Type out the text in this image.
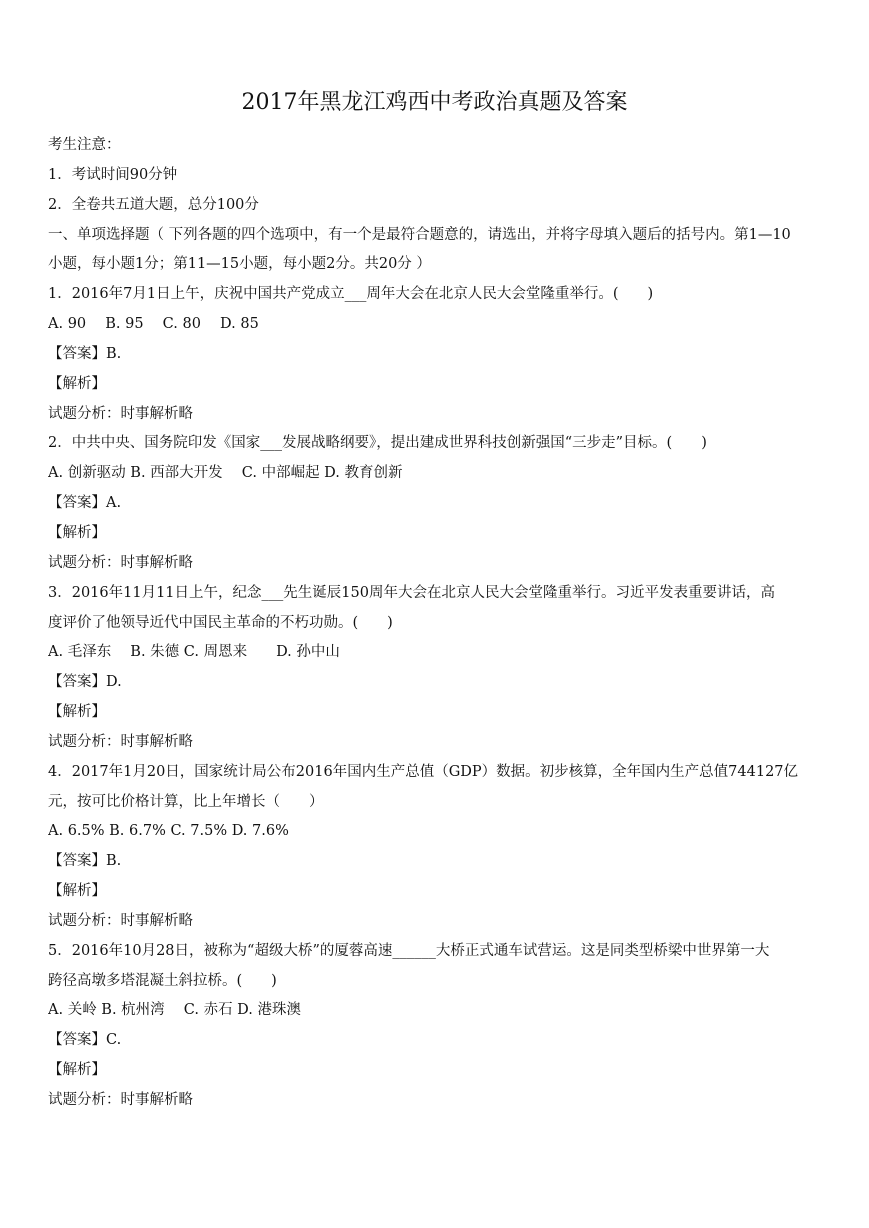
2017年黑龙江鸡西中考政治真题及答案
考生注意：
1．考试时间90分钟
2．全卷共五道大题，总分100分
一、单项选择题（ 下列各题的四个选项中，有一个是最符合题意的，请选出，并将字母填入题后的括号内。第1—10
小题，每小题1分；第11—15小题，每小题2分。共20分 ）
1．2016年7月1日上午，庆祝中国共产党成立___周年大会在北京人民大会堂隆重举行。(　　)
A. 90　 B. 95　 C. 80　 D. 85
【答案】B.
【解析】
试题分析：时事解析略
2．中共中央、国务院印发《国家___发展战略纲要》，提出建成世界科技创新强国“三步走”目标。(　　)
A. 创新驱动 B. 西部大开发　 C. 中部崛起 D. 教育创新
【答案】A.
【解析】
试题分析：时事解析略
3．2016年11月11日上午，纪念___先生诞辰150周年大会在北京人民大会堂隆重举行。习近平发表重要讲话，高
度评价了他领导近代中国民主革命的不朽功勋。(　　)
A. 毛泽东　 B. 朱德 C. 周恩来　　D. 孙中山
【答案】D.
【解析】
试题分析：时事解析略
4．2017年1月20日，国家统计局公布2016年国内生产总值（GDP）数据。初步核算，全年国内生产总值744127亿
元，按可比价格计算，比上年增长（　　）
A. 6.5% B. 6.7% C. 7.5% D. 7.6%
【答案】B.
【解析】
试题分析：时事解析略
5．2016年10月28日，被称为“超级大桥”的厦蓉高速______大桥正式通车试营运。这是同类型桥梁中世界第一大
跨径高墩多塔混凝土斜拉桥。(　　)
A. 关岭 B. 杭州湾　 C. 赤石 D. 港珠澳
【答案】C.
【解析】
试题分析：时事解析略
